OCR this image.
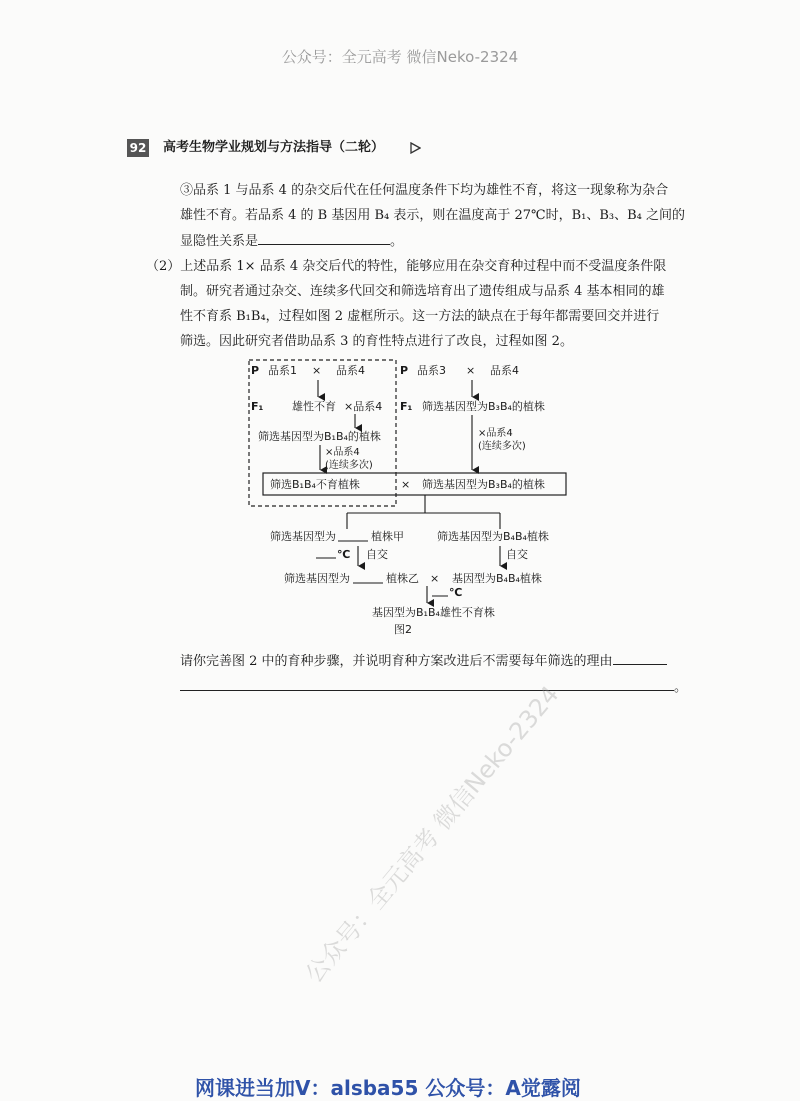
公众号：全元高考 微信Neko-2324
92 高考生物学业规划与方法指导（二轮）
③品系 1 与品系 4 的杂交后代在任何温度条件下均为雄性不育，将这一现象称为杂合
雄性不育。若品系 4 的 B 基因用 B₄ 表示，则在温度高于 27℃时，B₁、B₃、B₄ 之间的
显隐性关系是	。
（2）上述品系 1× 品系 4 杂交后代的特性，能够应用在杂交育种过程中而不受温度条件限
制。研究者通过杂交、连续多代回交和筛选培育出了遗传组成与品系 4 基本相同的雄
性不育系 B₁B₄，过程如图 2 虚框所示。这一方法的缺点在于每年都需要回交并进行
筛选。因此研究者借助品系 3 的育性特点进行了改良，过程如图 2。
P 品系1 × 品系4
F₁	雄性不育 ×品系4
筛选基因型为B₁B₄的植株
×品系4
(连续多次)
P 品系3 × 品系4
F₁ 筛选基因型为B₃B₄的植株
×品系4
(连续多次)
筛选B₁B₄不育植株	× 筛选基因型为B₃B₄的植株
筛选基因型为	植株甲
℃ 自交
筛选基因型为	植株乙
筛选基因型为B₄B₄植株
自交
× 基因型为B₄B₄植株
℃
基因型为B₁B₄雄性不育株
图2
请你完善图 2 中的育种步骤，并说明育种方案改进后不需要每年筛选的理由
。
公众号：全元高考 微信Neko-2324
网课进当加V：alsba55 公众号：A觉露阅
